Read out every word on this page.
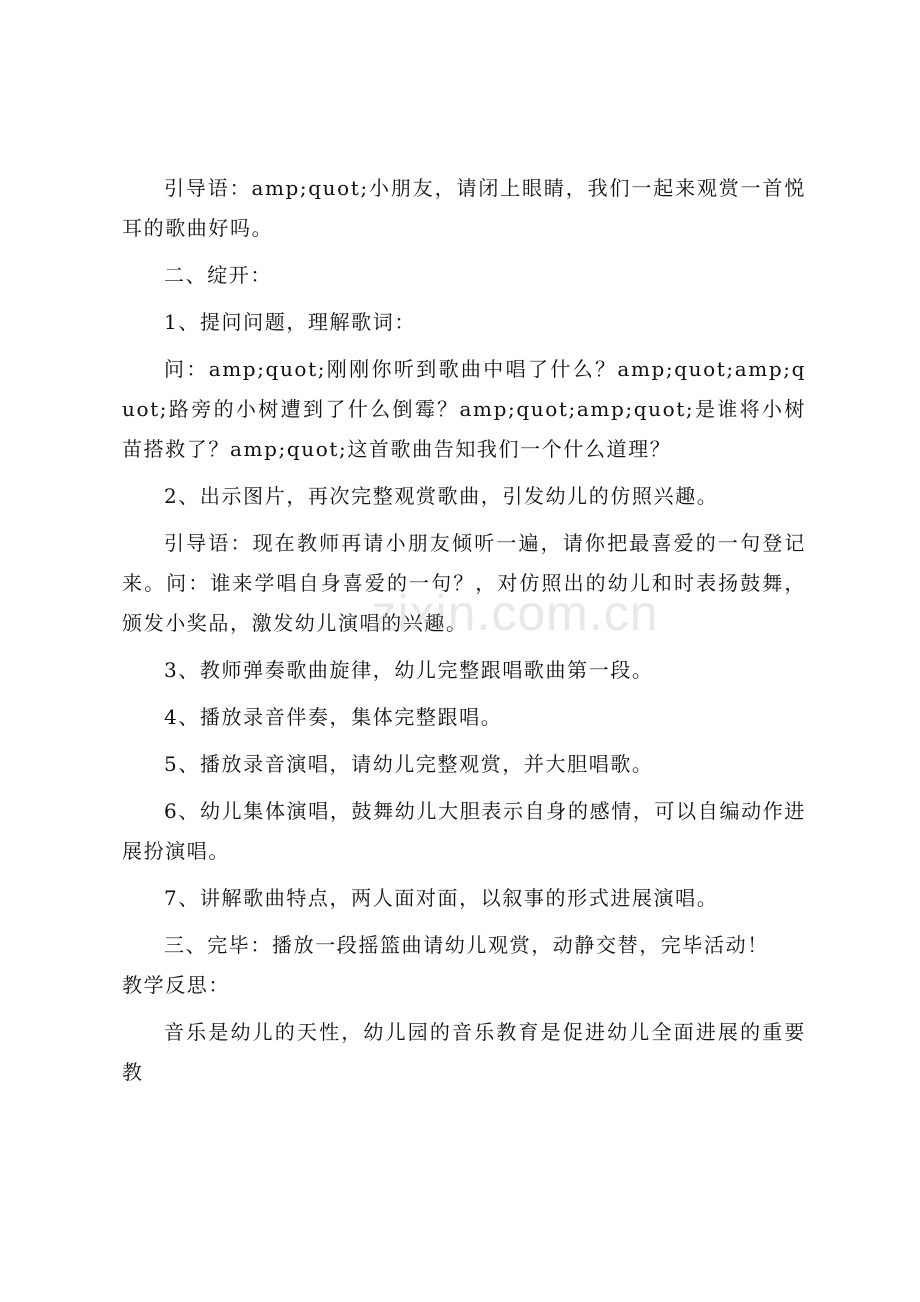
引导语：amp;quot;小朋友，请闭上眼睛，我们一起来观赏一首悦耳的歌曲好吗。

二、绽开：

1、提问问题，理解歌词：

问：amp;quot;刚刚你听到歌曲中唱了什么？amp;quot;amp;quot;路旁的小树遭到了什么倒霉？amp;quot;amp;quot;是谁将小树苗搭救了？amp;quot;这首歌曲告知我们一个什么道理？

2、出示图片，再次完整观赏歌曲，引发幼儿的仿照兴趣。

引导语：现在教师再请小朋友倾听一遍，请你把最喜爱的一句登记来。问：谁来学唱自身喜爱的一句？，对仿照出的幼儿和时表扬鼓舞，颁发小奖品，激发幼儿演唱的兴趣。

3、教师弹奏歌曲旋律，幼儿完整跟唱歌曲第一段。

4、播放录音伴奏，集体完整跟唱。

5、播放录音演唱，请幼儿完整观赏，并大胆唱歌。

6、幼儿集体演唱，鼓舞幼儿大胆表示自身的感情，可以自编动作进展扮演唱。

7、讲解歌曲特点，两人面对面，以叙事的形式进展演唱。

三、完毕：播放一段摇篮曲请幼儿观赏，动静交替，完毕活动！

教学反思：

音乐是幼儿的天性，幼儿园的音乐教育是促进幼儿全面进展的重要教

zixin.com.cn
